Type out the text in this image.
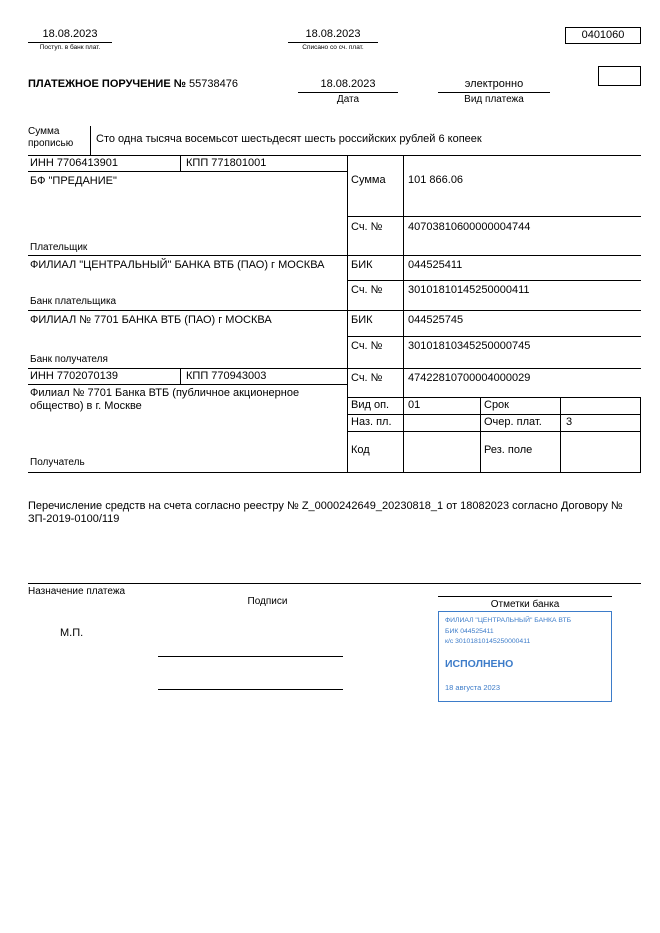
18.08.2023
Поступ. в банк плат.
18.08.2023
Списано со сч. плат.
0401060
ПЛАТЕЖНОЕ ПОРУЧЕНИЕ № 55738476	18.08.2023
Дата
электронно
Вид платежа
Сумма прописью	Сто одна тысяча восемьсот шестьдесят шесть российских рублей 6 копеек
ИНН 7706413901	КПП 771801001
БФ "ПРЕДАНИЕ"
Плательщик
Сумма 101 866.06
Сч. № 40703810600000004744
ФИЛИАЛ "ЦЕНТРАЛЬНЫЙ" БАНКА ВТБ (ПАО) г МОСКВА БИК	044525411
Сч. № 30101810145250000411
Банк плательщика
ФИЛИАЛ № 7701 БАНКА ВТБ (ПАО) г МОСКВА	БИК	044525745
Сч. № 30101810345250000745
Банк получателя
ИНН 7702070139	КПП 770943003	Сч. № 47422810700004000029
Филиал № 7701 Банка ВТБ (публичное акционерное общество) в г. Москве
Получатель
Вид оп. 01	Срок
Наз. пл.	Очер. плат. 3
Код	Рез. поле
Перечисление средств на счета согласно реестру № Z_0000242649_20230818_1 от 18082023 согласно Договору № ЗП-2019-0100/119
Назначение платежа
Подписи	Отметки банка
М.П.
ФИЛИАЛ "ЦЕНТРАЛЬНЫЙ" БАНКА ВТБ
БИК 044525411
к/с 30101810145250000411
ИСПОЛНЕНО
18 августа 2023
